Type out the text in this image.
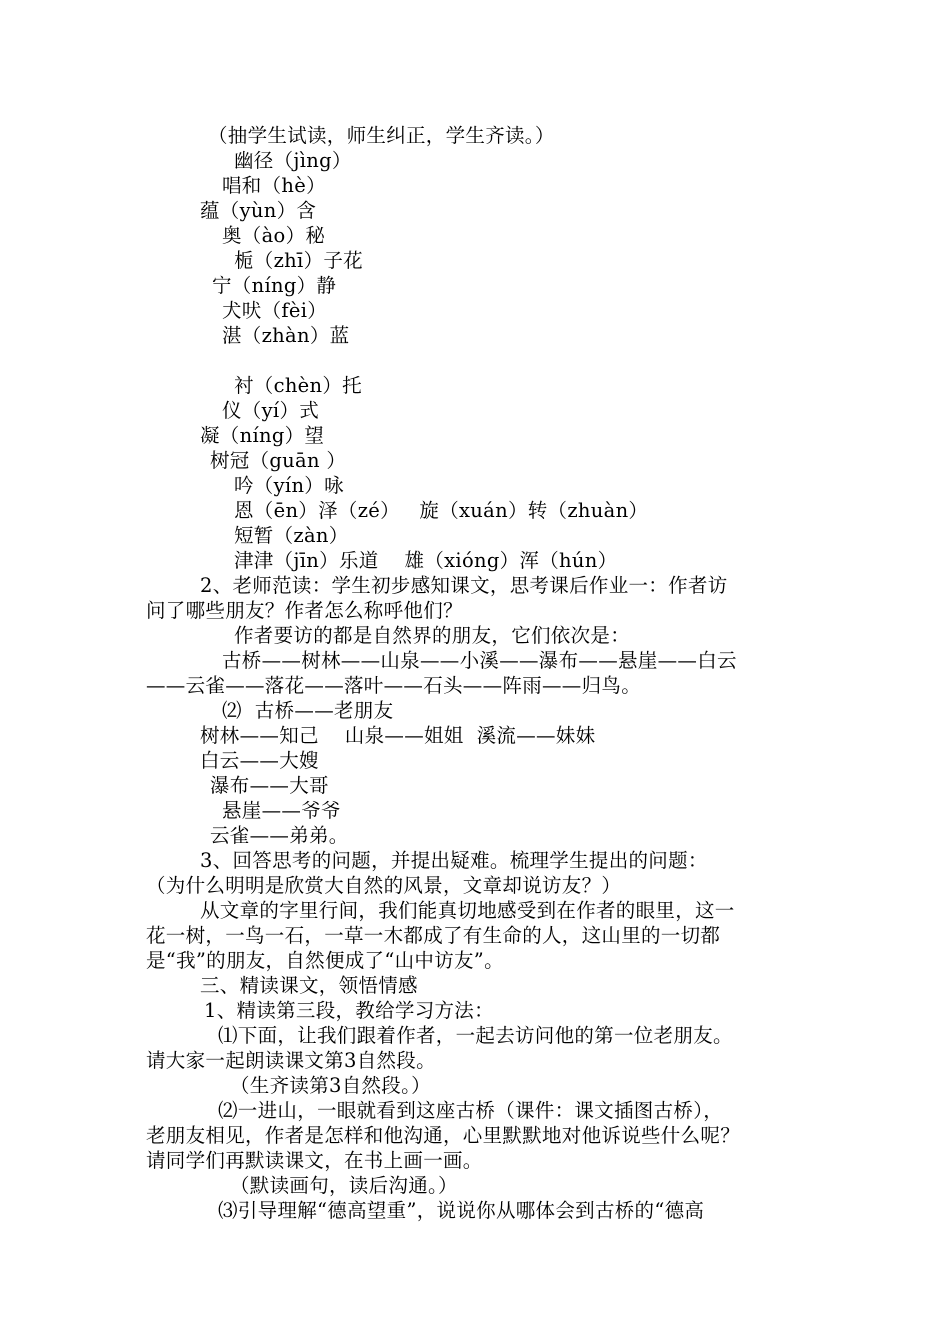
（抽学生试读，师生纠正，学生齐读。）
幽径（jìng）
唱和（hè）
蕴（yùn）含
奥（ào）秘
栀（zhī）子花
宁（níng）静
犬吠（fèi）
湛（zhàn）蓝
衬（chèn）托
仪（yí）式
凝（níng）望
树冠（guān ）
吟（yín）咏
恩（ēn）泽（zé）   旋（xuán）转（zhuàn）
短暂（zàn）
津津（jīn）乐道    雄（xióng）浑（hún）
2、老师范读：学生初步感知课文，思考课后作业一：作者访
问了哪些朋友？作者怎么称呼他们？
作者要访的都是自然界的朋友，它们依次是：
古桥——树林——山泉——小溪——瀑布——悬崖——白云
——云雀——落花——落叶——石头——阵雨——归鸟。
⑵  古桥——老朋友
树林——知己    山泉——姐姐  溪流——妹妹
白云——大嫂
瀑布——大哥
悬崖——爷爷
云雀——弟弟。
3、回答思考的问题，并提出疑难。梳理学生提出的问题：
（为什么明明是欣赏大自然的风景，文章却说访友？）
从文章的字里行间，我们能真切地感受到在作者的眼里，这一
花一树，一鸟一石，一草一木都成了有生命的人，这山里的一切都
是“我”的朋友，自然便成了“山中访友”。
三、精读课文，领悟情感
1、精读第三段，教给学习方法：
⑴下面，让我们跟着作者，一起去访问他的第一位老朋友。
请大家一起朗读课文第3自然段。
（生齐读第3自然段。）
⑵一进山，一眼就看到这座古桥（课件：课文插图古桥），
老朋友相见，作者是怎样和他沟通，心里默默地对他诉说些什么呢？
请同学们再默读课文，在书上画一画。
（默读画句，读后沟通。）
⑶引导理解“德高望重”，说说你从哪体会到古桥的“德高
